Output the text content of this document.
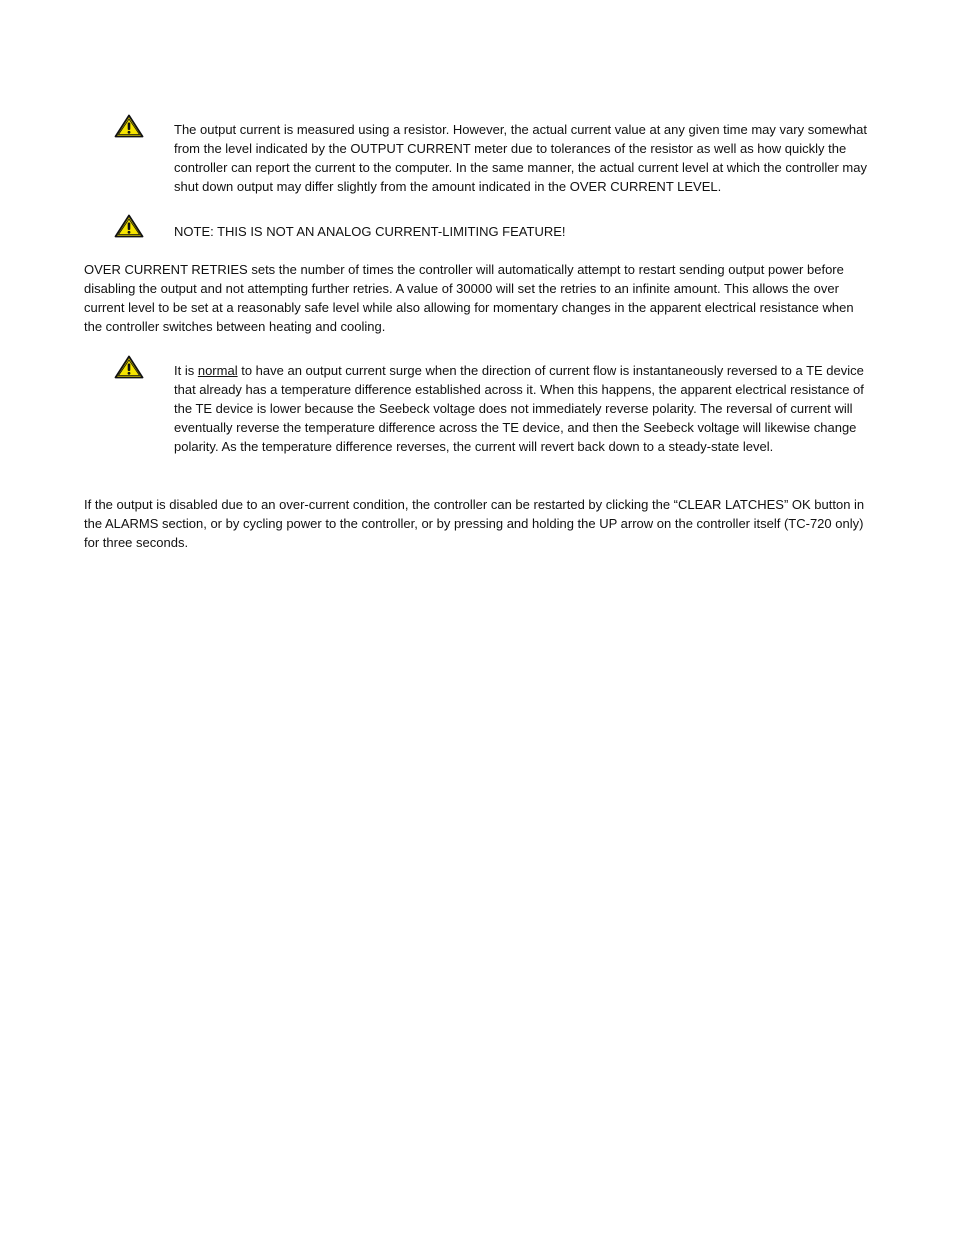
The output current is measured using a resistor. However, the actual current value at any given time may vary somewhat from the level indicated by the OUTPUT CURRENT meter due to tolerances of the resistor as well as how quickly the controller can report the current to the computer. In the same manner, the actual current level at which the controller may shut down output may differ slightly from the amount indicated in the OVER CURRENT LEVEL.

NOTE: THIS IS NOT AN ANALOG CURRENT-LIMITING FEATURE!

OVER CURRENT RETRIES sets the number of times the controller will automatically attempt to restart sending output power before disabling the output and not attempting further retries. A value of 30000 will set the retries to an infinite amount. This allows the over current level to be set at a reasonably safe level while also allowing for momentary changes in the apparent electrical resistance when the controller switches between heating and cooling.

It is normal to have an output current surge when the direction of current flow is instantaneously reversed to a TE device that already has a temperature difference established across it. When this happens, the apparent electrical resistance of the TE device is lower because the Seebeck voltage does not immediately reverse polarity. The reversal of current will eventually reverse the temperature difference across the TE device, and then the Seebeck voltage will likewise change polarity. As the temperature difference reverses, the current will revert back down to a steady-state level.

If the output is disabled due to an over-current condition, the controller can be restarted by clicking the “CLEAR LATCHES” OK button in the ALARMS section, or by cycling power to the controller, or by pressing and holding the UP arrow on the controller itself (TC-720 only) for three seconds.
